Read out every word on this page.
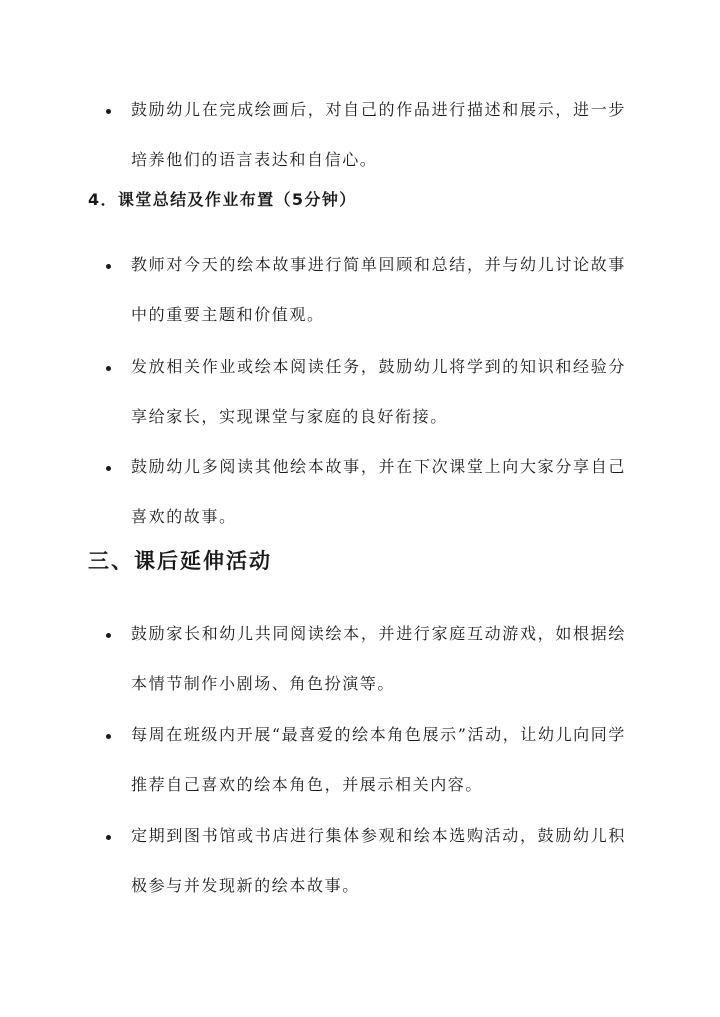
鼓励幼儿在完成绘画后，对自己的作品进行描述和展示，进一步培养他们的语言表达和自信心。
4．课堂总结及作业布置（5分钟）
教师对今天的绘本故事进行简单回顾和总结，并与幼儿讨论故事中的重要主题和价值观。
发放相关作业或绘本阅读任务，鼓励幼儿将学到的知识和经验分享给家长，实现课堂与家庭的良好衔接。
鼓励幼儿多阅读其他绘本故事，并在下次课堂上向大家分享自己喜欢的故事。
三、课后延伸活动
鼓励家长和幼儿共同阅读绘本，并进行家庭互动游戏，如根据绘本情节制作小剧场、角色扮演等。
每周在班级内开展“最喜爱的绘本角色展示”活动，让幼儿向同学推荐自己喜欢的绘本角色，并展示相关内容。
定期到图书馆或书店进行集体参观和绘本选购活动，鼓励幼儿积极参与并发现新的绘本故事。
